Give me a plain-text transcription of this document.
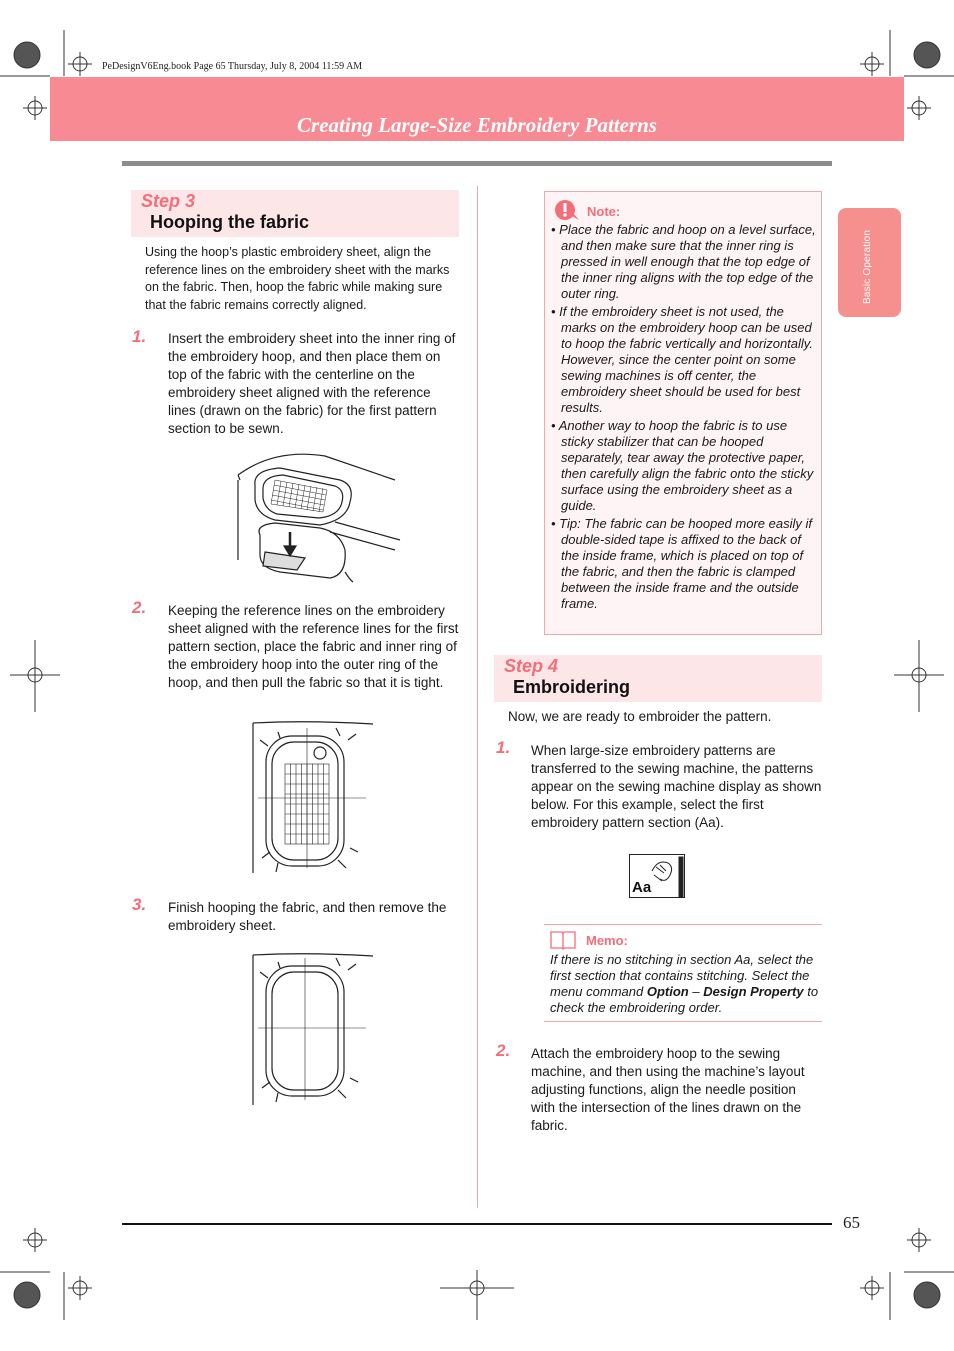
PeDesignV6Eng.book Page 65 Thursday, July 8, 2004 11:59 AM
Creating Large-Size Embroidery Patterns
Basic Operation
Step 3
Hooping the fabric
Using the hoop’s plastic embroidery sheet, align the reference lines on the embroidery sheet with the marks on the fabric. Then, hoop the fabric while making sure that the fabric remains correctly aligned.
1. Insert the embroidery sheet into the inner ring of the embroidery hoop, and then place them on top of the fabric with the centerline on the embroidery sheet aligned with the reference lines (drawn on the fabric) for the first pattern section to be sewn.
2. Keeping the reference lines on the embroidery sheet aligned with the reference lines for the first pattern section, place the fabric and inner ring of the embroidery hoop into the outer ring of the hoop, and then pull the fabric so that it is tight.
3. Finish hooping the fabric, and then remove the embroidery sheet.
Note:
• Place the fabric and hoop on a level surface, and then make sure that the inner ring is pressed in well enough that the top edge of the inner ring aligns with the top edge of the outer ring.
• If the embroidery sheet is not used, the marks on the embroidery hoop can be used to hoop the fabric vertically and horizontally.
However, since the center point on some sewing machines is off center, the embroidery sheet should be used for best results.
• Another way to hoop the fabric is to use sticky stabilizer that can be hooped separately, tear away the protective paper, then carefully align the fabric onto the sticky surface using the embroidery sheet as a guide.
• Tip: The fabric can be hooped more easily if double-sided tape is affixed to the back of the inside frame, which is placed on top of the fabric, and then the fabric is clamped between the inside frame and the outside frame.
Step 4
Embroidering
Now, we are ready to embroider the pattern.
1. When large-size embroidery patterns are transferred to the sewing machine, the patterns appear on the sewing machine display as shown below. For this example, select the first embroidery pattern section (Aa).
Aa
Memo:
If there is no stitching in section Aa, select the first section that contains stitching. Select the menu command Option – Design Property to check the embroidering order.
2. Attach the embroidery hoop to the sewing machine, and then using the machine’s layout adjusting functions, align the needle position with the intersection of the lines drawn on the fabric.
65
